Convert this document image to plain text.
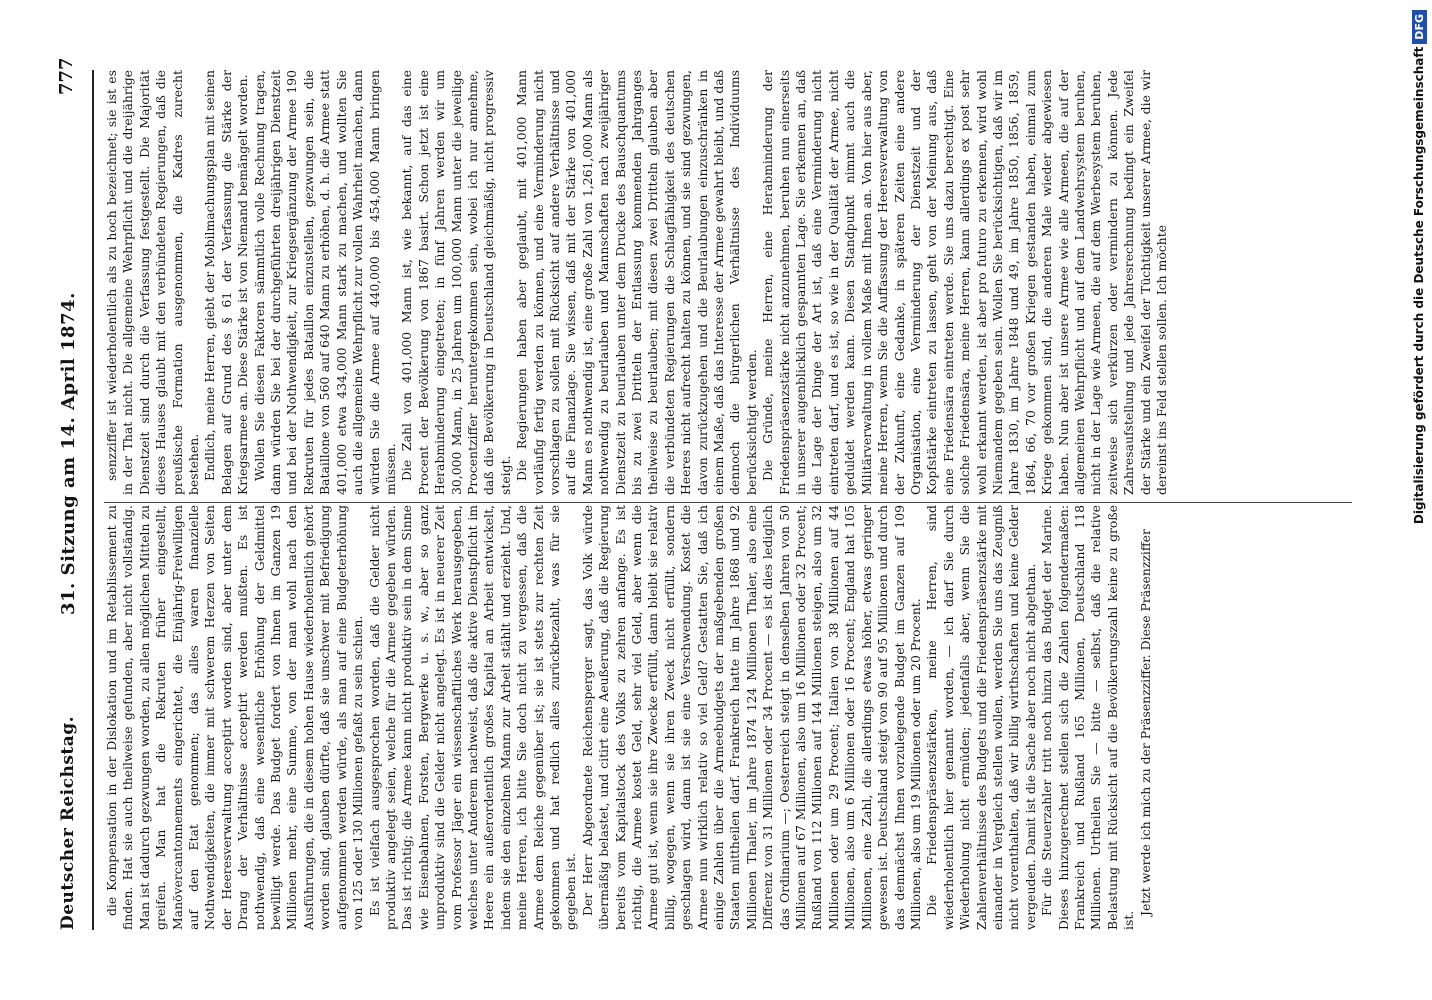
Deutscher Reichstag.
31. Sitzung am 14. April 1874.
777

die Kompensation in der Dislokation und im Retablissement zu finden. Hat sie auch theilweise gefunden, aber nicht vollständig. Man ist dadurch gezwungen worden, zu allen möglichen Mitteln zu greifen. Man hat die Rekruten früher eingestellt, Manövercantonnements eingerichtet, die Einjährig-Freiwilligen auf den Etat genommen; das alles waren finanzielle Nothwendigkeiten, die immer mit schwerem Herzen von Seiten der Heeresverwaltung acceptirt worden sind, aber unter dem Drang der Verhältnisse acceptirt werden mußten. Es ist nothwendig, daß eine wesentliche Erhöhung der Geldmittel bewilligt werde. Das Budget fordert von Ihnen im Ganzen 19 Millionen mehr, eine Summe, von der man wohl nach den Ausführungen, die in diesem hohen Hause wiederholentlich gehört worden sind, glauben dürfte, daß sie unschwer mit Befriedigung aufgenommen werden würde, als man auf eine Budgeterhöhung von 125 oder 130 Millionen gefaßt zu sein schien. Es ist vielfach ausgesprochen worden, daß die Gelder nicht produktiv angelegt seien, welche für die Armee gegeben würden. Das ist richtig; die Armee kann nicht produktiv sein in dem Sinne wie Eisenbahnen, Forsten, Bergwerke u. s. w., aber so ganz unproduktiv sind die Gelder nicht angelegt. Es ist in neuerer Zeit vom Professor Jäger ein wissenschaftliches Werk herausgegeben, welches unter Anderem nachweist, daß die aktive Dienstpflicht im Heere ein außerordentlich großes Kapital an Arbeit entwickelt, indem sie den einzelnen Mann zur Arbeit stählt und erzieht. Und, meine Herren, ich bitte Sie doch nicht zu vergessen, daß die Armee dem Reiche gegenüber ist; sie ist stets zur rechten Zeit gekommen und hat redlich alles zurückbezahlt, was für sie gegeben ist. Der Herr Abgeordnete Reichensperger sagt, das Volk würde übermäßig belastet, und citirt eine Aeußerung, daß die Regierung bereits vom Kapitalstock des Volks zu zehren anfange. Es ist richtig, die Armee kostet Geld, sehr viel Geld, aber wenn die Armee gut ist, wenn sie ihre Zwecke erfüllt, dann bleibt sie relativ billig, wogegen, wenn sie ihren Zweck nicht erfüllt, sondern geschlagen wird, dann ist sie eine Verschwendung. Kostet die Armee nun wirklich relativ so viel Geld? Gestatten Sie, daß ich einige Zahlen über die Armeebudgets der maßgebenden großen Staaten mittheilen darf. Frankreich hatte im Jahre 1868 und 92 Millionen Thaler, im Jahre 1874 124 Millionen Thaler, also eine Differenz von 31 Millionen oder 34 Procent — es ist dies lediglich das Ordinarium —; Oesterreich steigt in denselben Jahren von 50 Millionen auf 67 Millionen, also um 16 Millionen oder 32 Procent; Rußland von 112 Millionen auf 144 Millionen steigen, also um 32 Millionen oder um 29 Procent; Italien von 38 Millionen auf 44 Millionen, also um 6 Millionen oder 16 Procent; England hat 105 Millionen, eine Zahl, die allerdings etwas höher, etwas geringer gewesen ist. Deutschland steigt von 90 auf 95 Millionen und durch das demnächst Ihnen vorzulegende Budget im Ganzen auf 109 Millionen, also um 19 Millionen oder um 20 Procent. Die Friedenspräsenzstärken, meine Herren, sind wiederholentlich hier genannt worden, — ich darf Sie durch Wiederholung nicht ermüden; jedenfalls aber, wenn Sie die Zahlenverhältnisse des Budgets und die Friedenspräsenzstärke mit einander in Vergleich stellen wollen, werden Sie uns das Zeugniß nicht vorenthalten, daß wir billig wirthschaften und keine Gelder vergeuden. Damit ist die Sache aber noch nicht abgethan. Für die Steuerzahler tritt noch hinzu das Budget der Marine. Dieses hinzugerechnet stellen sich die Zahlen folgendermaßen: Frankreich und Rußland 165 Millionen, Deutschland 118 Millionen. Urtheilen Sie — bitte — selbst, daß die relative Belastung mit Rücksicht auf die Bevölkerungszahl keine zu große ist.

Jetzt werde ich mich zu der Präsenzziffer. Diese Präsenzziffer

senzziffer ist wiederholentlich als zu hoch bezeichnet; sie ist es in der That nicht. Die allgemeine Wehrpflicht und die dreijährige Dienstzeit sind durch die Verfassung festgestellt. Die Majorität dieses Hauses glaubt mit den verbündeten Regierungen, daß die preußische Formation ausgenommen, die Kadres zurecht bestehen. Endlich, meine Herren, giebt der Mobilmachungsplan mit seinen Belagen auf Grund des § 61 der Verfassung die Stärke der Kriegsarmee an. Diese Stärke ist von Niemand bemängelt worden. Wollen Sie diesen Faktoren sämmtlich volle Rechnung tragen, dann würden Sie bei der durchgeführten dreijährigen Dienstzeit und bei der Nothwendigkeit, zur Kriegsergänzung der Armee 190 Rekruten für jedes Bataillon einzustellen, gezwungen sein, die Bataillone von 560 auf 640 Mann zu erhöhen, d. h. die Armee statt 401,000 etwa 434,000 Mann stark zu machen, und wollten Sie auch die allgemeine Wehrpflicht zur vollen Wahrheit machen, dann würden Sie die Armee auf 440,000 bis 454,000 Mann bringen müssen. Die Zahl von 401,000 Mann ist, wie bekannt, auf das eine Procent der Bevölkerung von 1867 basirt. Schon jetzt ist eine Herabminderung eingetreten; in fünf Jahren werden wir um 30,000 Mann, in 25 Jahren um 100,000 Mann unter die jeweilige Procentziffer heruntergekommen sein, wobei ich nur annehme, daß die Bevölkerung in Deutschland gleichmäßig, nicht progressiv steigt. Die Regierungen haben aber geglaubt, mit 401,000 Mann vorläufig fertig werden zu können, und eine Verminderung nicht vorschlagen zu sollen mit Rücksicht auf andere Verhältnisse und auf die Finanzlage. Sie wissen, daß mit der Stärke von 401,000 Mann es nothwendig ist, eine große Zahl von 1,261,000 Mann als nothwendig zu beurlauben und Mannschaften nach zweijähriger Dienstzeit zu beurlauben unter dem Drucke des Bauschquantums bis zu zwei Dritteln der Entlassung kommenden Jahrganges theilweise zu beurlauben; mit diesen zwei Dritteln glauben aber die verbündeten Regierungen die Schlagfähigkeit des deutschen Heeres nicht aufrecht halten zu können, und sie sind gezwungen, davon zurückzugehen und die Beurlaubungen einzuschränken in einem Maße, daß das Interesse der Armee gewahrt bleibt, und daß dennoch die bürgerlichen Verhältnisse des Individuums berücksichtigt werden. Die Gründe, meine Herren, eine Herabminderung der Friedenspräsenzstärke nicht anzunehmen, beruhen nun einerseits in unserer augenblicklich gespannten Lage. Sie erkennen an, daß die Lage der Dinge der Art ist, daß eine Verminderung nicht eintreten darf, und es ist, so wie in der Qualität der Armee, nicht geduldet werden kann. Diesen Standpunkt nimmt auch die Militärverwaltung in vollem Maße mit Ihnen an. Von hier aus aber, meine Herren, wenn Sie die Auffassung der Heeresverwaltung von der Zukunft, eine Gedanke, in späteren Zeiten eine andere Organisation, eine Verminderung der Dienstzeit und der Kopfstärke eintreten zu lassen, geht von der Meinung aus, daß eine Friedensära eintreten werde. Sie uns dazu berechtigt. Eine solche Friedensära, meine Herren, kann allerdings ex post sehr wohl erkannt werden, ist aber pro futuro zu erkennen, wird wohl Niemandem gegeben sein. Wollen Sie berücksichtigen, daß wir im Jahre 1830, im Jahre 1848 und 49, im Jahre 1850, 1856, 1859, 1864, 66, 70 vor großen Kriegen gestanden haben, einmal zum Kriege gekommen sind, die anderen Male wieder abgewiesen haben. Nun aber ist unsere Armee wie alle Armeen, die auf der allgemeinen Wehrpflicht und auf dem Landwehrsystem beruhen, nicht in der Lage wie Armeen, die auf dem Werbesystem beruhen, zeitweise sich verkürzen oder vermindern zu können. Jede Zahresaufstellung und jede Jahresrechnung bedingt ein Zweifel der Stärke und ein Zweifel der Tüchtigkeit unserer Armee, die wir dereinst ins Feld stellen sollen. Ich möchte	Digitalisierung gefördert durch die Deutsche ForschungsgemeinschaftDFG
